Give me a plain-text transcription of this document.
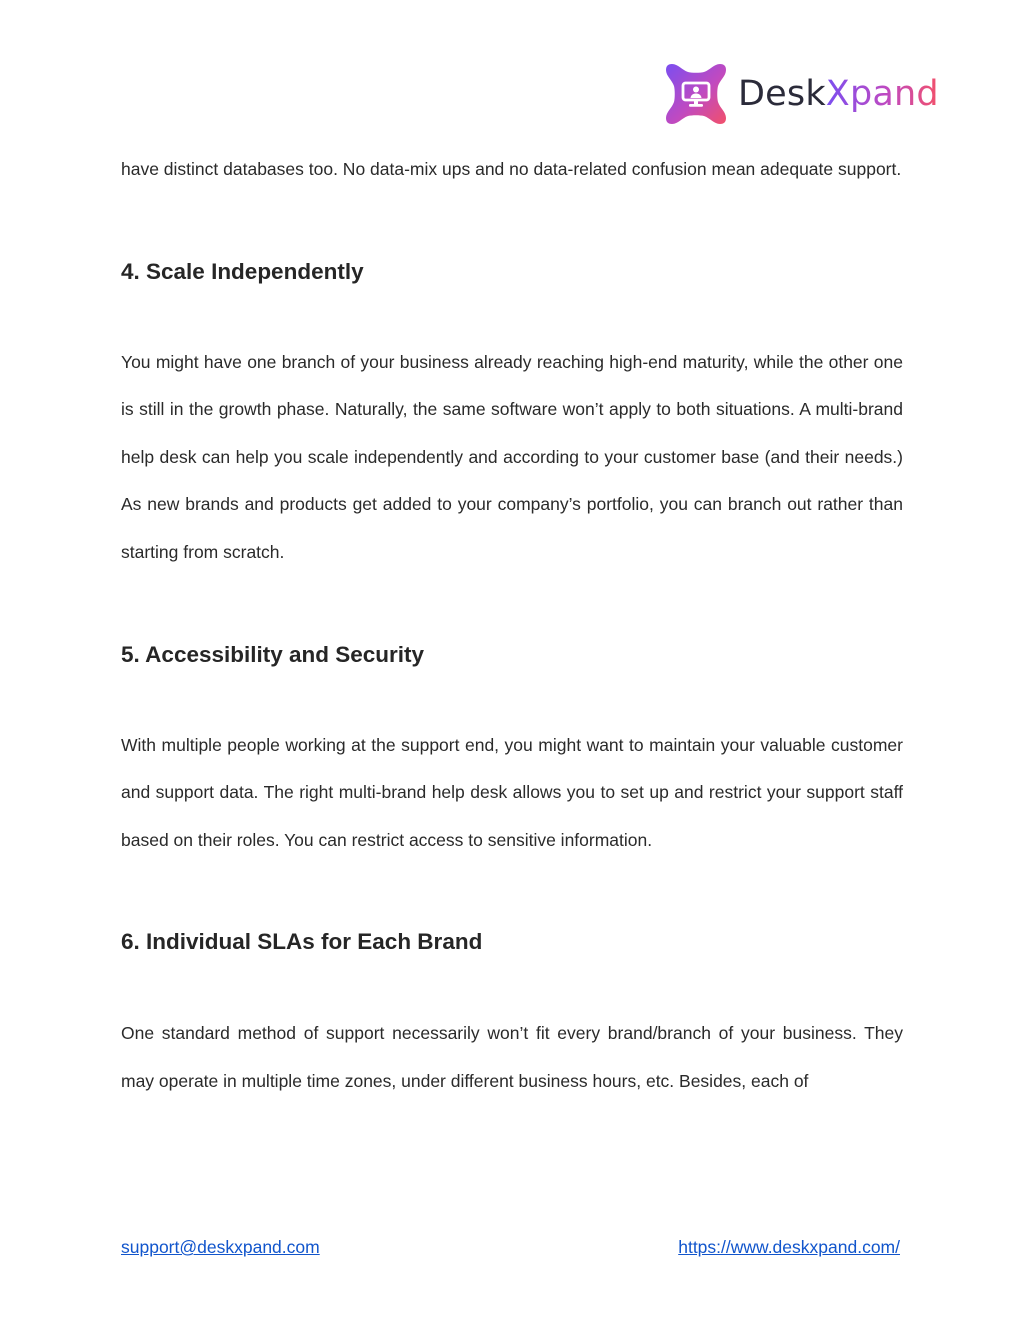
DeskXpand

have distinct databases too. No data-mix ups and no data-related confusion mean adequate support.

4. Scale Independently

You might have one branch of your business already reaching high-end maturity, while the other one is still in the growth phase. Naturally, the same software won’t apply to both situations. A multi-brand help desk can help you scale independently and according to your customer base (and their needs.) As new brands and products get added to your company’s portfolio, you can branch out rather than starting from scratch.

5. Accessibility and Security

With multiple people working at the support end, you might want to maintain your valuable customer and support data. The right multi-brand help desk allows you to set up and restrict your support staff based on their roles. You can restrict access to sensitive information.

6. Individual SLAs for Each Brand

One standard method of support necessarily won’t fit every brand/branch of your business. They may operate in multiple time zones, under different business hours, etc. Besides, each of

support@deskxpand.com	https://www.deskxpand.com/
